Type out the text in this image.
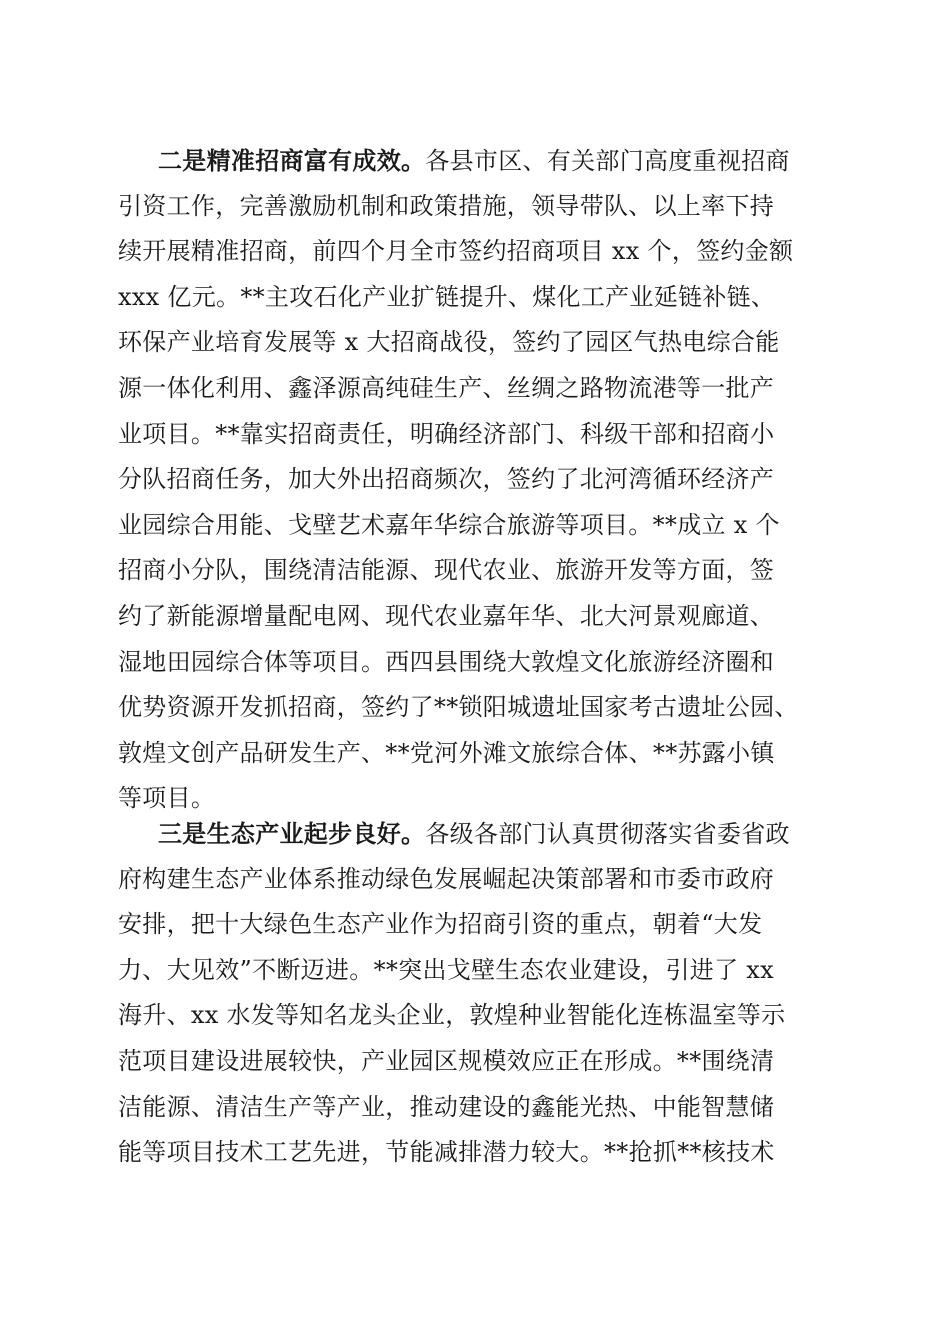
二是精准招商富有成效。各县市区、有关部门高度重视招商
引资工作，完善激励机制和政策措施，领导带队、以上率下持
续开展精准招商，前四个月全市签约招商项目 xx 个，签约金额
xxx 亿元。**主攻石化产业扩链提升、煤化工产业延链补链、
环保产业培育发展等 x 大招商战役，签约了园区气热电综合能
源一体化利用、鑫泽源高纯硅生产、丝绸之路物流港等一批产
业项目。**靠实招商责任，明确经济部门、科级干部和招商小
分队招商任务，加大外出招商频次，签约了北河湾循环经济产
业园综合用能、戈壁艺术嘉年华综合旅游等项目。**成立 x 个
招商小分队，围绕清洁能源、现代农业、旅游开发等方面，签
约了新能源增量配电网、现代农业嘉年华、北大河景观廊道、
湿地田园综合体等项目。西四县围绕大敦煌文化旅游经济圈和
优势资源开发抓招商，签约了**锁阳城遗址国家考古遗址公园、
敦煌文创产品研发生产、**党河外滩文旅综合体、**苏露小镇
等项目。
三是生态产业起步良好。各级各部门认真贯彻落实省委省政
府构建生态产业体系推动绿色发展崛起决策部署和市委市政府
安排，把十大绿色生态产业作为招商引资的重点，朝着“大发
力、大见效”不断迈进。**突出戈壁生态农业建设，引进了 xx
海升、xx 水发等知名龙头企业，敦煌种业智能化连栋温室等示
范项目建设进展较快，产业园区规模效应正在形成。**围绕清
洁能源、清洁生产等产业，推动建设的鑫能光热、中能智慧储
能等项目技术工艺先进，节能减排潜力较大。**抢抓**核技术
